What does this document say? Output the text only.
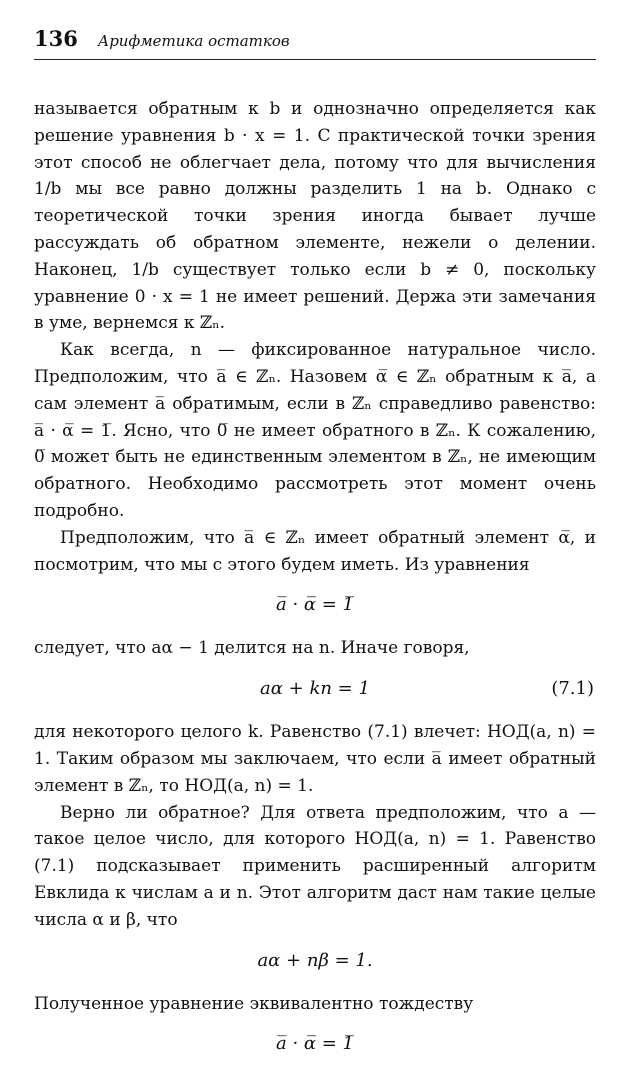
136 Арифметика остатков

называется обратным к b и однозначно определяется как решение уравнения b · x = 1. С практической точки зрения этот способ не облегчает дела, потому что для вычисления 1/b мы все равно должны разделить 1 на b. Однако с теоретической точки зрения иногда бывает лучше рассуждать об обратном элементе, нежели о делении. Наконец, 1/b существует только если b ≠ 0, поскольку уравнение 0 · x = 1 не имеет решений. Держа эти замечания в уме, вернемся к ℤₙ.

Как всегда, n — фиксированное натуральное число. Предположим, что a̅ ∈ ℤₙ. Назовем α̅ ∈ ℤₙ обратным к a̅, а сам элемент a̅ обратимым, если в ℤₙ справедливо равенство: a̅ · α̅ = 1̅. Ясно, что 0̅ не имеет обратного в ℤₙ. К сожалению, 0̅ может быть не единственным элементом в ℤₙ, не имеющим обратного. Необходимо рассмотреть этот момент очень подробно.

Предположим, что a̅ ∈ ℤₙ имеет обратный элемент α̅, и посмотрим, что мы с этого будем иметь. Из уравнения

a̅ · α̅ = 1̅

следует, что aα − 1 делится на n. Иначе говоря,

aα + kn = 1	(7.1)

для некоторого целого k. Равенство (7.1) влечет: НОД(a, n) = 1. Таким образом мы заключаем, что если a̅ имеет обратный элемент в ℤₙ, то НОД(a, n) = 1.

Верно ли обратное? Для ответа предположим, что a — такое целое число, для которого НОД(a, n) = 1. Равенство (7.1) подсказывает применить расширенный алгоритм Евклида к числам a и n. Этот алгоритм даст нам такие целые числа α и β, что

aα + nβ = 1.

Полученное уравнение эквивалентно тождеству

a̅ · α̅ = 1̅
